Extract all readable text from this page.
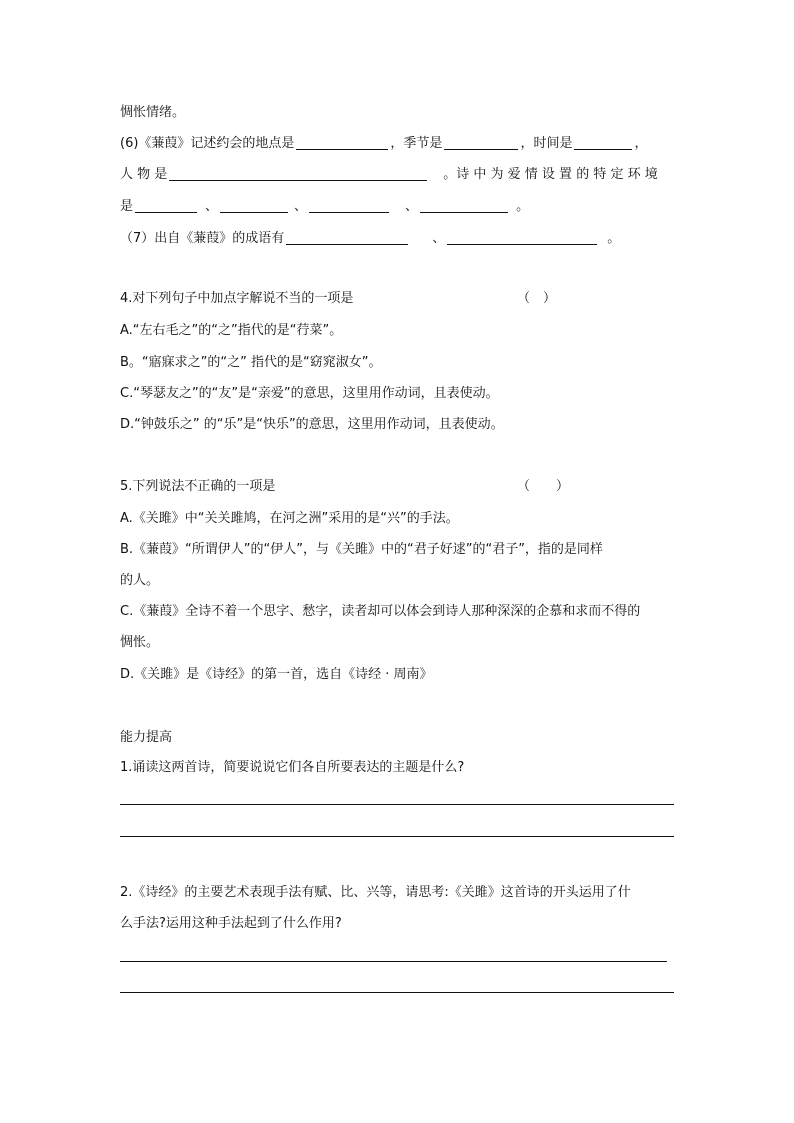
惆怅情绪。
(6)《蒹葭》记述约会的地点是	，季节是	，时间是	，
人 物 是	。诗 中 为 爱 情 设 置 的 特 定 环 境
是	、	、	、	。
（7）出自《蒹葭》的成语有	、	。
4.对下列句子中加点字解说不当的一项是	（　）
A.“左右毛之”的“之”指代的是“荇菜”。
B。“寤寐求之”的“之” 指代的是“窈窕淑女”。
C.“琴瑟友之”的“友”是“亲爱”的意思，这里用作动词，且表使动。
D.“钟鼓乐之” 的“乐”是“快乐”的意思，这里用作动词，且表使动。
5.下列说法不正确的一项是	（　　）
A.《关雎》中“关关雎鸠，在河之洲”采用的是“兴”的手法。
B.《蒹葭》“所谓伊人”的“伊人”，与《关雎》中的“君子好逑”的“君子”，指的是同样
的人。
C.《蒹葭》全诗不着一个思字、愁字，读者却可以体会到诗人那种深深的企慕和求而不得的
惆怅。
D.《关雎》是《诗经》的第一首，选自《诗经 · 周南》
能力提高
1.诵读这两首诗，简要说说它们各自所要表达的主题是什么?
2.《诗经》的主要艺术表现手法有赋、比、兴等，请思考:《关雎》这首诗的开头运用了什
么手法?运用这种手法起到了什么作用?
